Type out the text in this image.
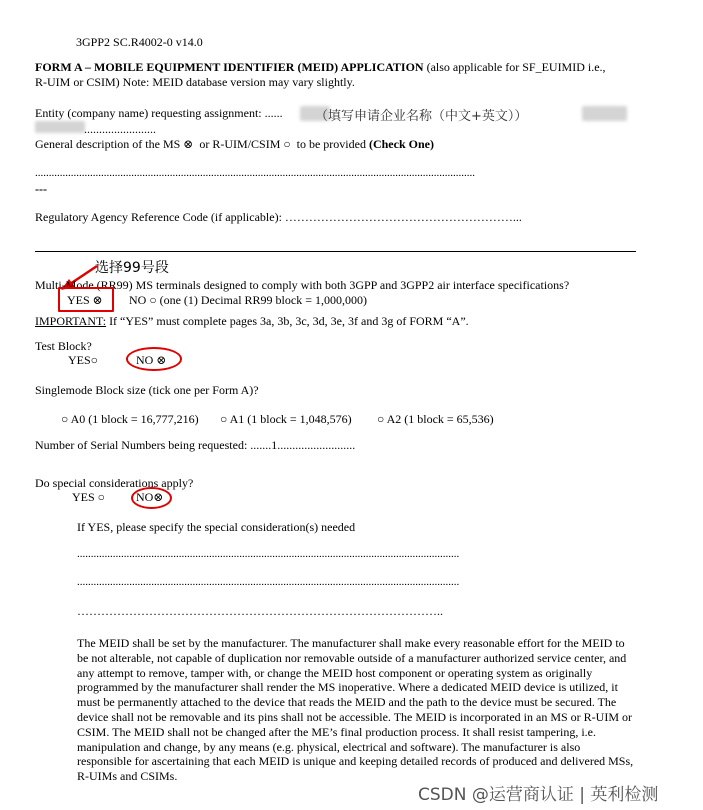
3GPP2 SC.R4002-0 v14.0
FORM A – MOBILE EQUIPMENT IDENTIFIER (MEID) APPLICATION (also applicable for SF_EUIMID i.e.,
R-UIM or CSIM) Note: MEID database version may vary slightly.
Entity (company name) requesting assignment: ...... （填写申请企业名称（中文+英文））
........................
General description of the MS ⊗ or R-UIM/CSIM ○ to be provided (Check One)
................................................................................................................................................................
---
Regulatory Agency Reference Code (if applicable): …………………………………………………...
选择99号段
Multi-Mode (RR99) MS terminals designed to comply with both 3GPP and 3GPP2 air interface specifications?
YES ⊗ NO ○ (one (1) Decimal RR99 block = 1,000,000)
IMPORTANT: If “YES” must complete pages 3a, 3b, 3c, 3d, 3e, 3f and 3g of FORM “A”.
Test Block?
YES○	NO ⊗
Singlemode Block size (tick one per Form A)?
○ A0 (1 block = 16,777,216) ○ A1 (1 block = 1,048,576) ○ A2 (1 block = 65,536)
Number of Serial Numbers being requested: .......1..........................
Do special considerations apply?
YES ○	NO⊗
If YES, please specify the special consideration(s) needed
...........................................................................................................................................
...........................................................................................................................................
………………………………………………………………………………..
The MEID shall be set by the manufacturer. The manufacturer shall make every reasonable effort for the MEID to be not alterable, not capable of duplication nor removable outside of a manufacturer authorized service center, and any attempt to remove, tamper with, or change the MEID host component or operating system as originally programmed by the manufacturer shall render the MS inoperative. Where a dedicated MEID device is utilized, it must be permanently attached to the device that reads the MEID and the path to the device must be secured. The device shall not be removable and its pins shall not be accessible. The MEID is incorporated in an MS or R-UIM or CSIM. The MEID shall not be changed after the ME’s final production process. It shall resist tampering, i.e. manipulation and change, by any means (e.g. physical, electrical and software). The manufacturer is also responsible for ascertaining that each MEID is unique and keeping detailed records of produced and delivered MSs, R-UIMs and CSIMs.
CSDN @运营商认证 | 英利检测
